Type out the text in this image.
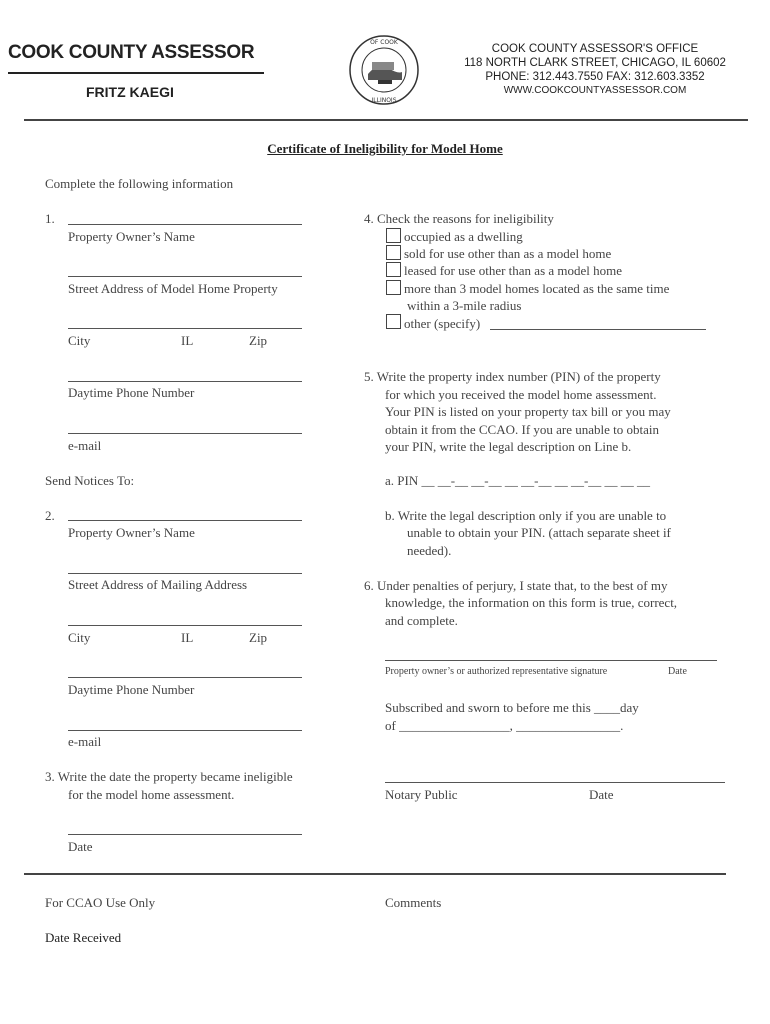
COOK COUNTY ASSESSOR
FRITZ KAEGI
OF COOK
ILLINOIS
COOK COUNTY ASSESSOR'S OFFICE
118 NORTH CLARK STREET, CHICAGO, IL 60602
PHONE: 312.443.7550 FAX: 312.603.3352
WWW.COOKCOUNTYASSESSOR.COM
Certificate of Ineligibility for Model Home
Complete the following information
1.
Property Owner’s Name
Street Address of Model Home Property
City	IL	Zip
Daytime Phone Number
e-mail
Send Notices To:
2.
Property Owner’s Name
Street Address of Mailing Address
City	IL	Zip
Daytime Phone Number
e-mail
3. Write the date the property became ineligible
for the model home assessment.
Date
4. Check the reasons for ineligibility
occupied as a dwelling
sold for use other than as a model home
leased for use other than as a model home
more than 3 model homes located as the same time
within a 3-mile radius
other (specify)
5. Write the property index number (PIN) of the property
for which you received the model home assessment.
Your PIN is listed on your property tax bill or you may
obtain it from the CCAO. If you are unable to obtain
your PIN, write the legal description on Line b.
a. PIN __ __-__ __-__ __ __-__ __ __-__ __ __ __
b. Write the legal description only if you are unable to
unable to obtain your PIN. (attach separate sheet if
needed).
6. Under penalties of perjury, I state that, to the best of my
knowledge, the information on this form is true, correct,
and complete.
Property owner’s or authorized representative signature	Date
Subscribed and sworn to before me this ____day
of _________________, ________________.
Notary Public	Date
For CCAO Use Only	Comments
Date Received
